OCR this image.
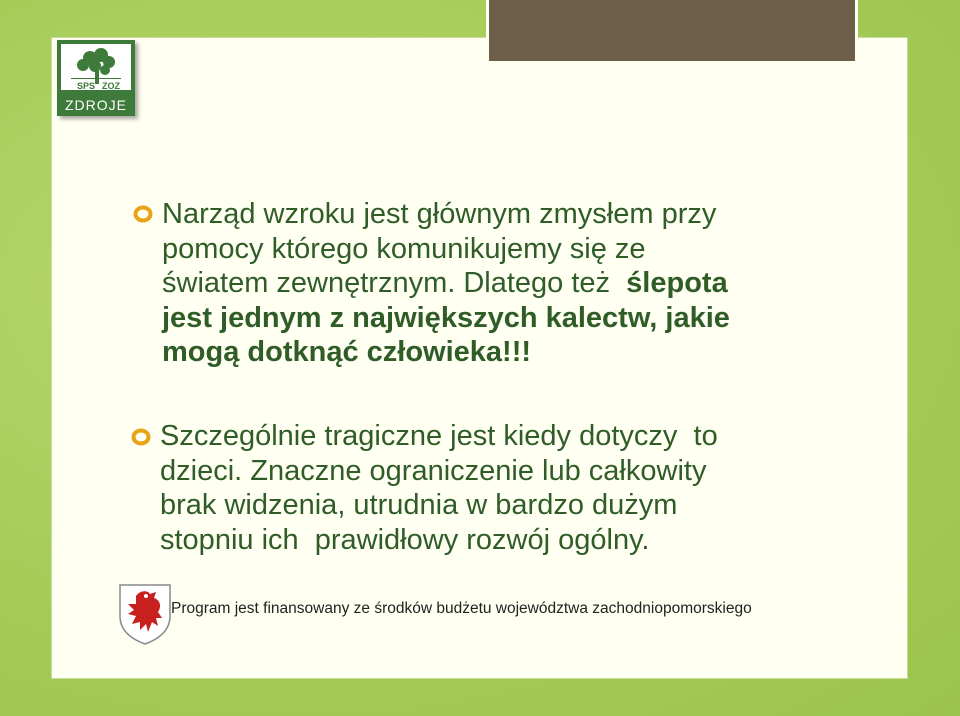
SPS ZOZ
ZDROJE
Narząd wzroku jest głównym zmysłem przy
pomocy którego komunikujemy się ze
światem zewnętrznym. Dlatego też  ślepota
jest jednym z największych kalectw, jakie
mogą dotknąć człowieka!!!
Szczególnie tragiczne jest kiedy dotyczy  to
dzieci. Znaczne ograniczenie lub całkowity
brak widzenia, utrudnia w bardzo dużym
stopniu ich  prawidłowy rozwój ogólny.
Program jest finansowany ze środków budżetu województwa zachodniopomorskiego
